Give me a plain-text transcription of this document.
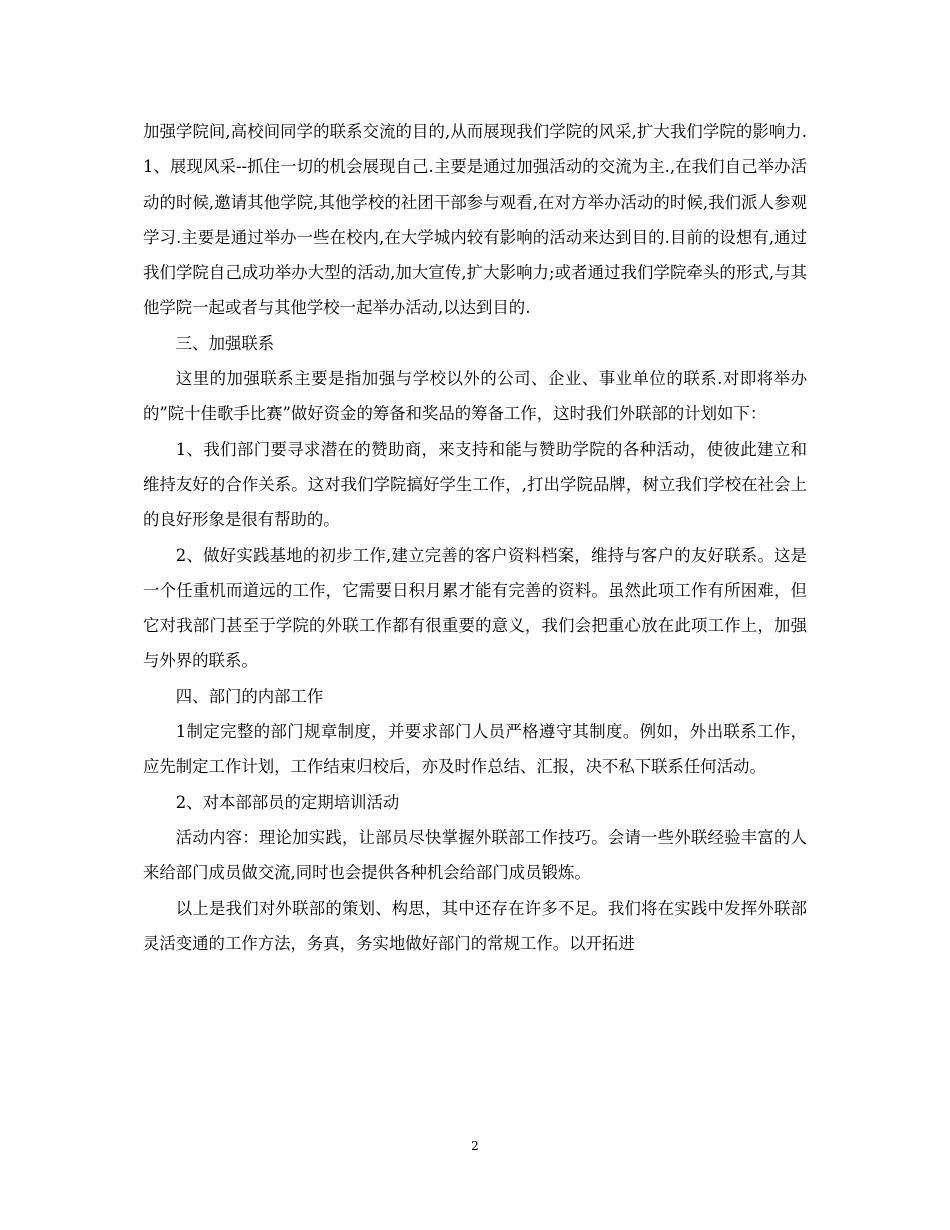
加强学院间,高校间同学的联系交流的目的,从而展现我们学院的风采,扩大我们学院的影响力.1、展现风采--抓住一切的机会展现自己.主要是通过加强活动的交流为主.,在我们自己举办活动的时候,邀请其他学院,其他学校的社团干部参与观看,在对方举办活动的时候,我们派人参观学习.主要是通过举办一些在校内,在大学城内较有影响的活动来达到目的.目前的设想有,通过我们学院自己成功举办大型的活动,加大宣传,扩大影响力;或者通过我们学院牵头的形式,与其他学院一起或者与其他学校一起举办活动,以达到目的.

三、加强联系

这里的加强联系主要是指加强与学校以外的公司、企业、事业单位的联系.对即将举办的”院十佳歌手比赛”做好资金的筹备和奖品的筹备工作，这时我们外联部的计划如下：

1、我们部门要寻求潜在的赞助商，来支持和能与赞助学院的各种活动，使彼此建立和维持友好的合作关系。这对我们学院搞好学生工作，,打出学院品牌，树立我们学校在社会上的良好形象是很有帮助的。

2、做好实践基地的初步工作,建立完善的客户资料档案，维持与客户的友好联系。这是一个任重机而道远的工作，它需要日积月累才能有完善的资料。虽然此项工作有所困难，但它对我部门甚至于学院的外联工作都有很重要的意义，我们会把重心放在此项工作上，加强与外界的联系。

四、部门的内部工作

1制定完整的部门规章制度，并要求部门人员严格遵守其制度。例如，外出联系工作，应先制定工作计划，工作结束归校后，亦及时作总结、汇报，决不私下联系任何活动。

2、对本部部员的定期培训活动

活动内容：理论加实践，让部员尽快掌握外联部工作技巧。会请一些外联经验丰富的人来给部门成员做交流,同时也会提供各种机会给部门成员锻炼。

以上是我们对外联部的策划、构思，其中还存在许多不足。我们将在实践中发挥外联部灵活变通的工作方法，务真，务实地做好部门的常规工作。以开拓进

2
